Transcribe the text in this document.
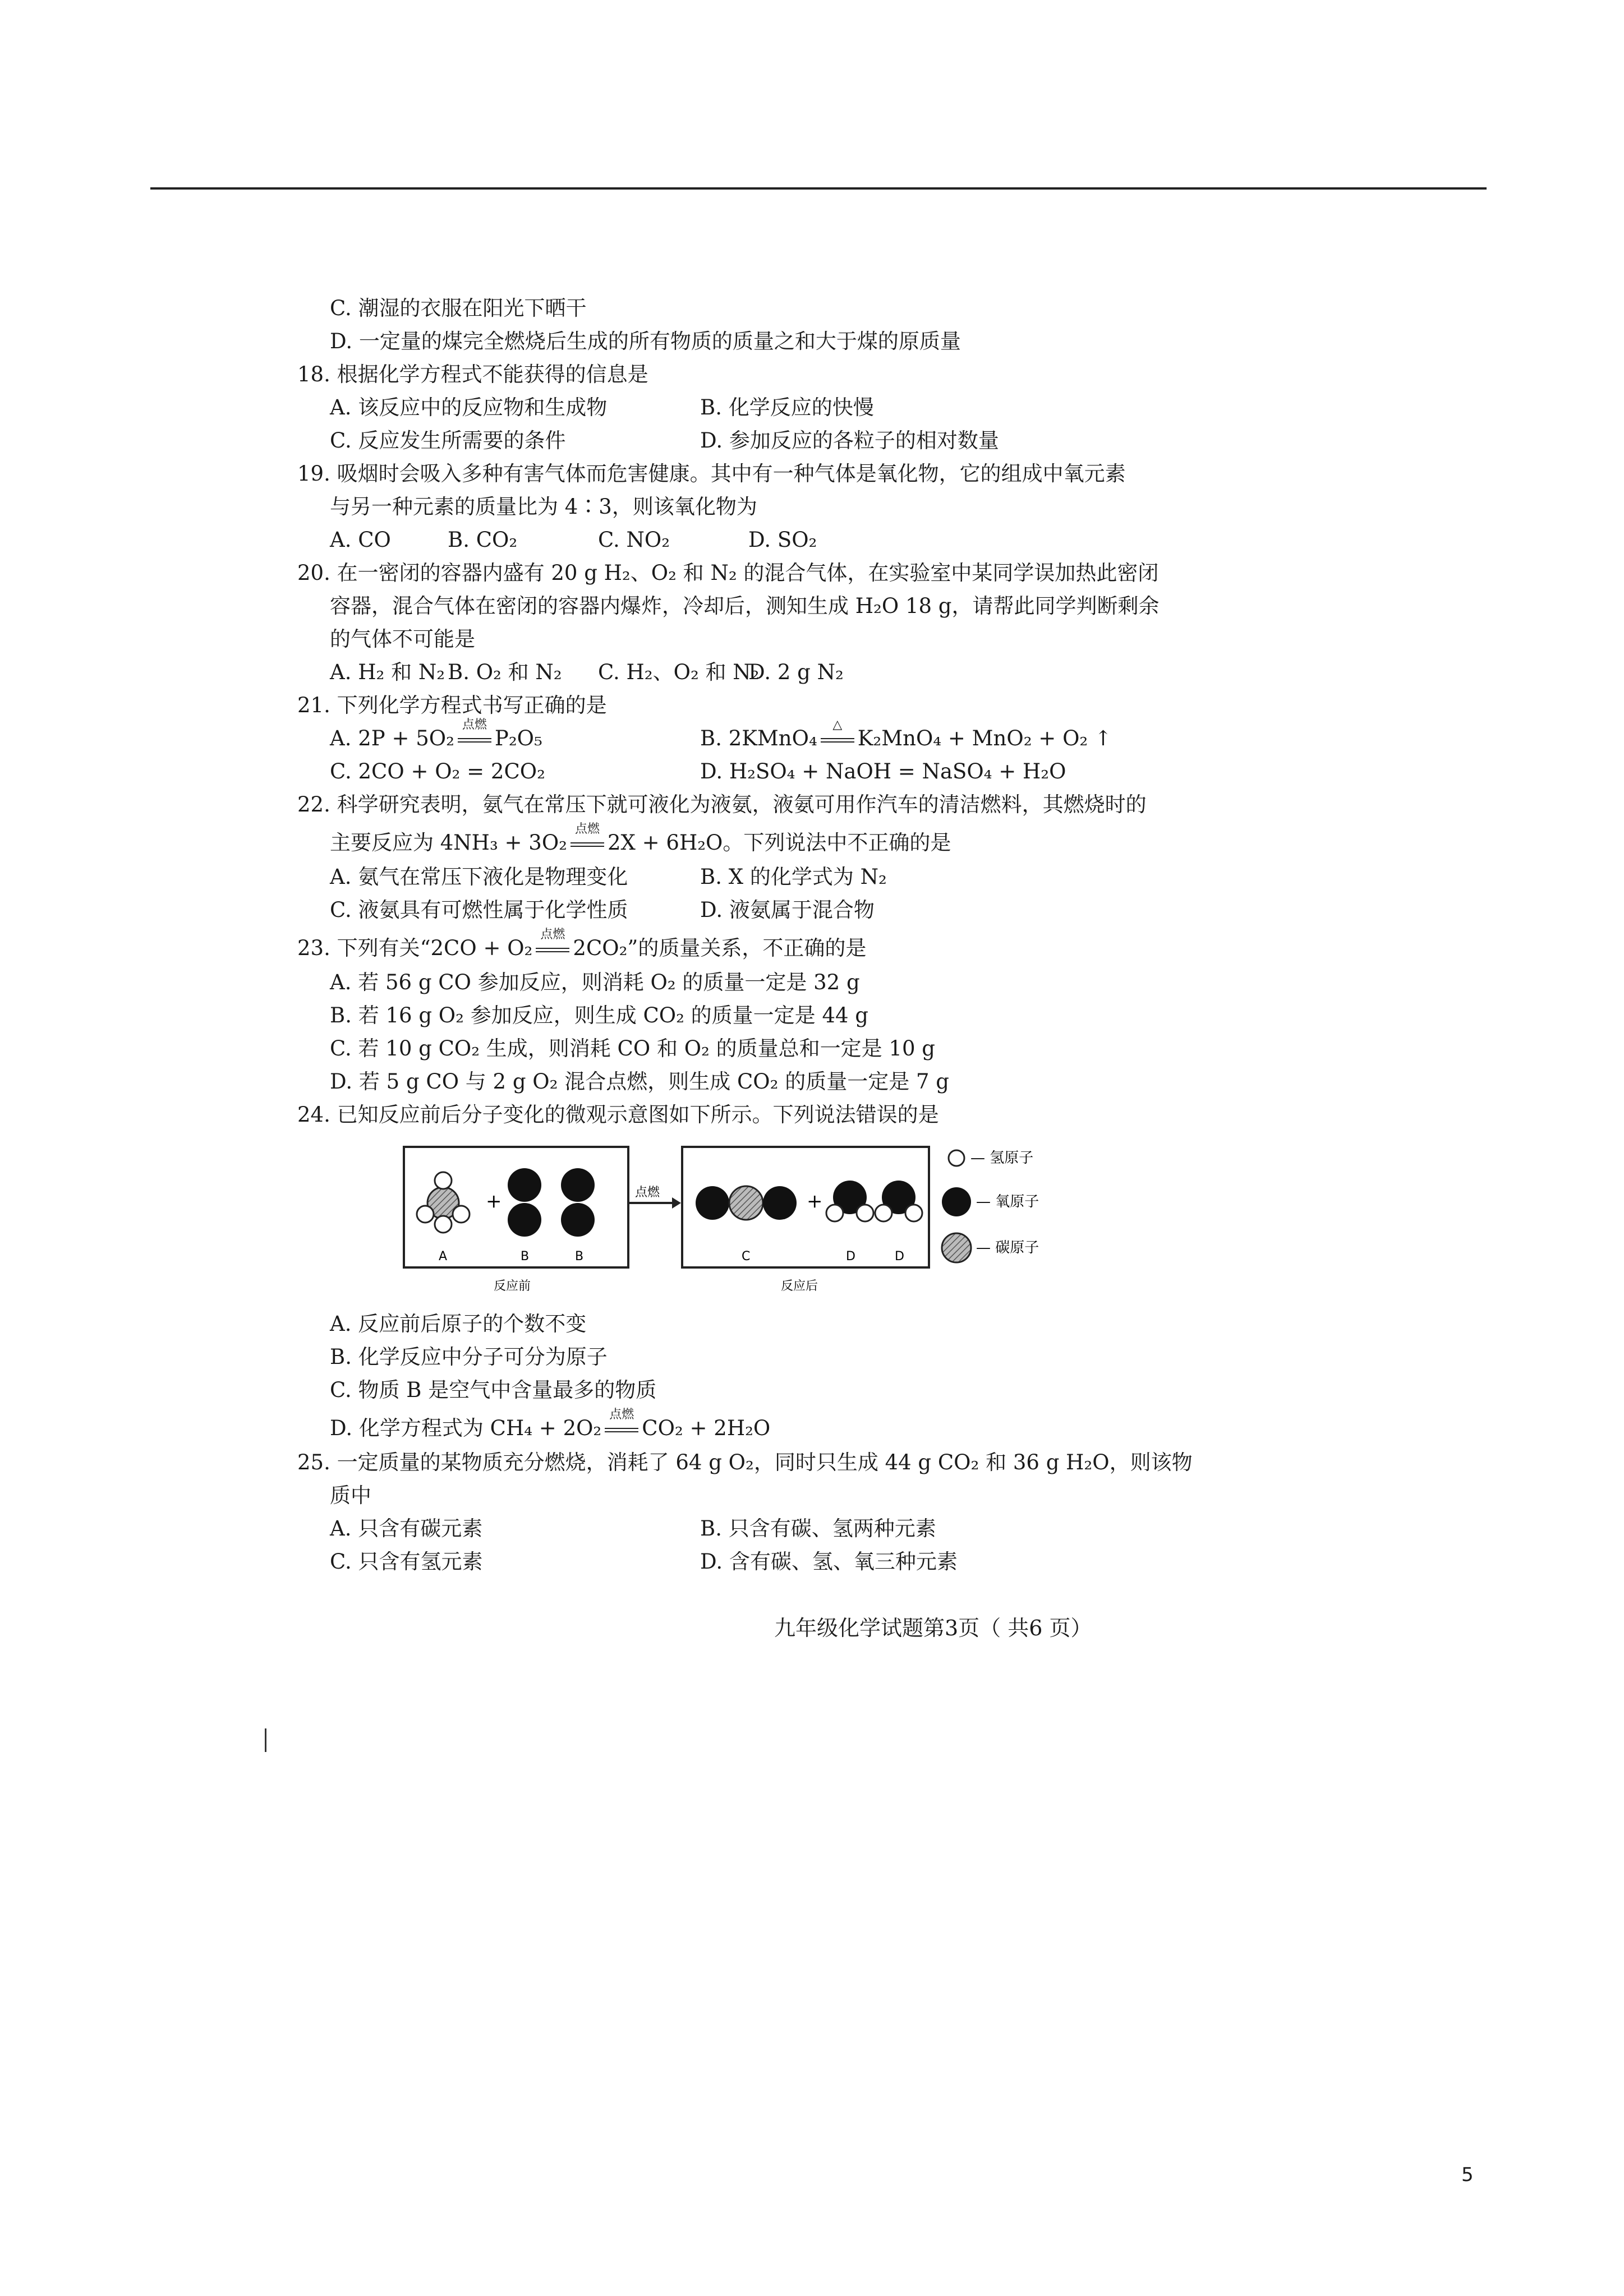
C. 潮湿的衣服在阳光下晒干
D. 一定量的煤完全燃烧后生成的所有物质的质量之和大于煤的原质量
18. 根据化学方程式不能获得的信息是
A. 该反应中的反应物和生成物	B. 化学反应的快慢
C. 反应发生所需要的条件	D. 参加反应的各粒子的相对数量
19. 吸烟时会吸入多种有害气体而危害健康。其中有一种气体是氧化物，它的组成中氧元素
与另一种元素的质量比为 4∶3，则该氧化物为
A. CO	B. CO₂	C. NO₂	D. SO₂
20. 在一密闭的容器内盛有 20 g H₂、O₂ 和 N₂ 的混合气体，在实验室中某同学误加热此密闭
容器，混合气体在密闭的容器内爆炸，冷却后，测知生成 H₂O 18 g，请帮此同学判断剩余
的气体不可能是
A. H₂ 和 N₂ B. O₂ 和 N₂ C. H₂、O₂ 和 N₂D. 2 g N₂
21. 下列化学方程式书写正确的是
A. 2P + 5O₂
点燃
P₂O₅	B. 2KMnO₄
△
K₂MnO₄ + MnO₂ + O₂ ↑
C. 2CO + O₂ = 2CO₂	D. H₂SO₄ + NaOH = NaSO₄ + H₂O
22. 科学研究表明，氨气在常压下就可液化为液氨，液氨可用作汽车的清洁燃料，其燃烧时的
主要反应为 4NH₃ + 3O₂
点燃
2X + 6H₂O。下列说法中不正确的是
A. 氨气在常压下液化是物理变化	B. X 的化学式为 N₂
C. 液氨具有可燃性属于化学性质	D. 液氨属于混合物
23. 下列有关“2CO + O₂
点燃
2CO₂”的质量关系，不正确的是
A. 若 56 g CO 参加反应，则消耗 O₂ 的质量一定是 32 g
B. 若 16 g O₂ 参加反应，则生成 CO₂ 的质量一定是 44 g
C. 若 10 g CO₂ 生成，则消耗 CO 和 O₂ 的质量总和一定是 10 g
D. 若 5 g CO 与 2 g O₂ 混合点燃，则生成 CO₂ 的质量一定是 7 g
24. 已知反应前后分子变化的微观示意图如下所示。下列说法错误的是
+
A	B	B
反应前
点燃	+
C	D	D
反应后
— 氢原子
— 氧原子
— 碳原子
A. 反应前后原子的个数不变
B. 化学反应中分子可分为原子
C. 物质 B 是空气中含量最多的物质
D. 化学方程式为 CH₄ + 2O₂
点燃
CO₂ + 2H₂O
25. 一定质量的某物质充分燃烧，消耗了 64 g O₂，同时只生成 44 g CO₂ 和 36 g H₂O，则该物
质中
A. 只含有碳元素	B. 只含有碳、氢两种元素
C. 只含有氢元素	D. 含有碳、氢、氧三种元素
九年级化学试题第3页（ 共6 页）
5
